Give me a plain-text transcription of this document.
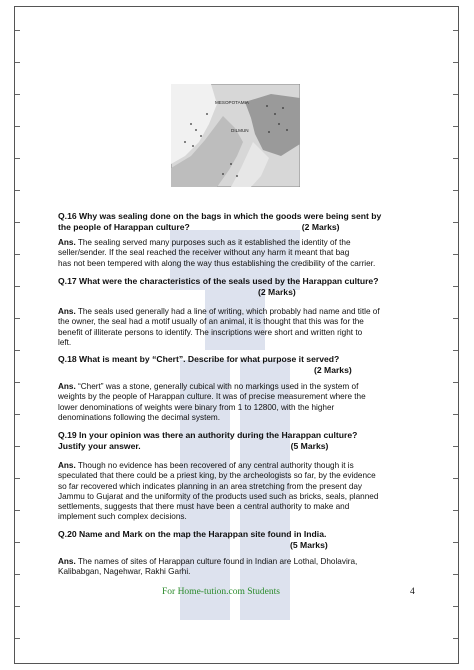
MESOPOTAMIA
DILMUN
Q.16 Why was sealing done on the bags in which the goods were being sent by
the people of Harappan culture?	(2 Marks)
Ans. The sealing served many purposes such as it established the identity of the
seller/sender. If the seal reached the receiver without any harm it meant that bag
has not been tempered with along the way thus establishing the credibility of the carrier.
Q.17 What were the characteristics of the seals used by the Harappan culture?
(2 Marks)
Ans. The seals used generally had a line of writing, which probably had name and title of
the owner, the seal had a motif usually of an animal, it is thought that this was for the
benefit of illiterate persons to identify. The inscriptions were short and written right to
left.
Q.18 What is meant by “Chert”. Describe for what purpose it served?
(2 Marks)
Ans. “Chert” was a stone, generally cubical with no markings used in the system of
weights by the people of Harappan culture. It was of precise measurement where the
lower denominations of weights were binary from 1 to 12800, with the higher
denominations following the decimal system.
Q.19 In your opinion was there an authority during the Harappan culture?
Justify your answer.	(5 Marks)
Ans. Though no evidence has been recovered of any central authority though it is
speculated that there could be a priest king, by the archeologists so far, by the evidence
so far recovered which indicates planning in an area stretching from the present day
Jammu to Gujarat and the uniformity of the products used such as bricks, seals, planned
settlements, suggests that there must have been a central authority to make and
implement such complex decisions.
Q.20 Name and Mark on the map the Harappan site found in India.
(5 Marks)
Ans. The names of sites of Harappan culture found in Indian are Lothal, Dholavira,
Kalibabgan, Nagehwar, Rakhi Garhi.
For Home-tution.com Students	4
